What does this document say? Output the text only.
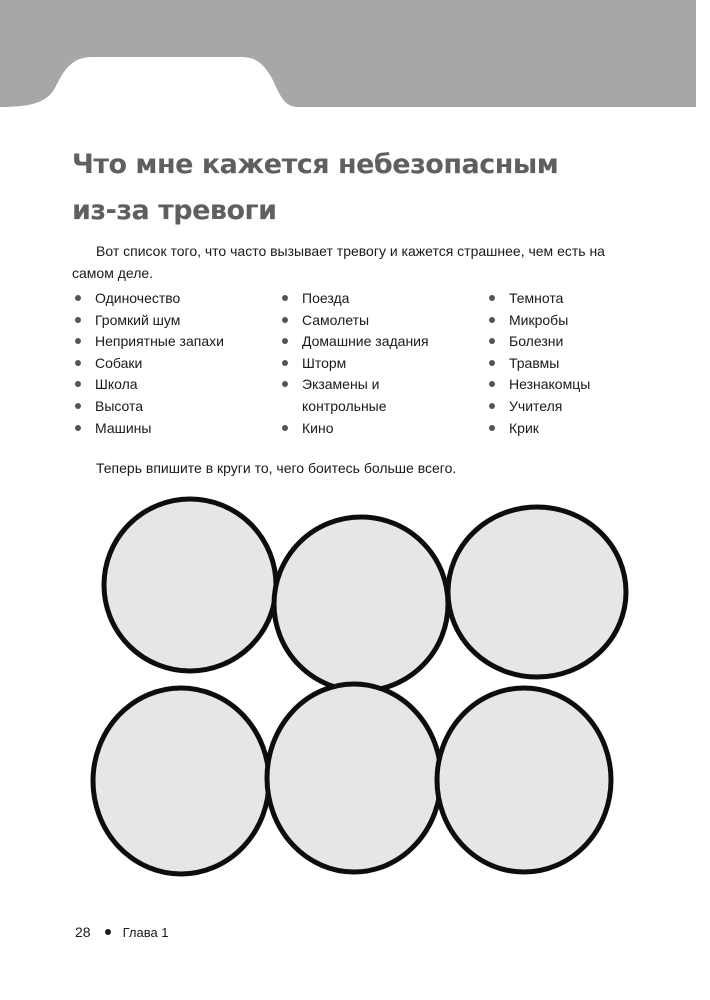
Что мне кажется небезопасным
из-за тревоги

Вот список того, что часто вызывает тревогу и кажется страшнее, чем есть на самом деле.

Одиночество
Громкий шум
Неприятные запахи
Собаки
Школа
Высота
Машины
Поезда
Самолеты
Домашние задания
Шторм
Экзамены и
контрольные
Кино
Темнота
Микробы
Болезни
Травмы
Незнакомцы
Учителя
Крик

Теперь впишите в круги то, чего боитесь больше всего.

28 Глава 1
